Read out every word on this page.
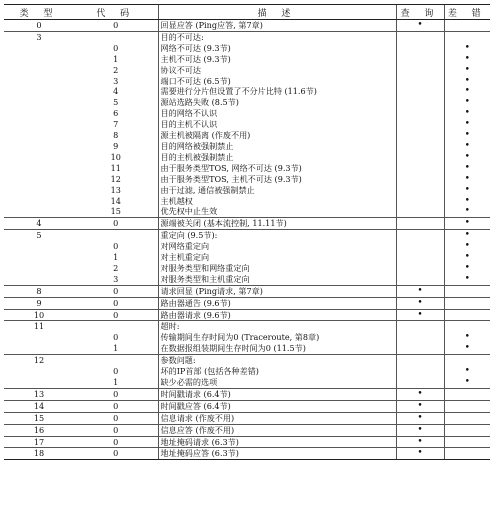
类 型	代 码	描 述	查 询	差 错
0	0	回显应答 (Ping应答, 第7章)	•	
3		目的不可达:		
	0	网络不可达 (9.3节)		•
	1	主机不可达 (9.3节)		•
	2	协议不可达		•
	3	端口不可达 (6.5节)		•
	4	需要进行分片但设置了不分片比特 (11.6节)		•
	5	源站选路失败 (8.5节)		•
	6	目的网络不认识		•
	7	目的主机不认识		•
	8	源主机被隔离 (作废不用)		•
	9	目的网络被强制禁止		•
	10	目的主机被强制禁止		•
	11	由于服务类型TOS, 网络不可达 (9.3节)		•
	12	由于服务类型TOS, 主机不可达 (9.3节)		•
	13	由于过滤, 通信被强制禁止		•
	14	主机越权		•
	15	优先权中止生效		•
4	0	源端被关闭 (基本流控制, 11.11节)		•
5		重定向 (9.5节):		•
	0	对网络重定向		•
	1	对主机重定向		•
	2	对服务类型和网络重定向		•
	3	对服务类型和主机重定向		•
8	0	请求回显 (Ping请求, 第7章)	•	
9	0	路由器通告 (9.6节)	•	
10	0	路由器请求 (9.6节)	•	
11		超时:		
	0	传输期间生存时间为0 (Traceroute, 第8章)		•
	1	在数据报组装期间生存时间为0 (11.5节)		•
12		参数问题:		
	0	坏的IP首部 (包括各种差错)		•
	1	缺少必需的选项		•
13	0	时间戳请求 (6.4节)	•	
14	0	时间戳应答 (6.4节)	•	
15	0	信息请求 (作废不用)	•	
16	0	信息应答 (作废不用)	•	
17	0	地址掩码请求 (6.3节)	•	
18	0	地址掩码应答 (6.3节)	•	
